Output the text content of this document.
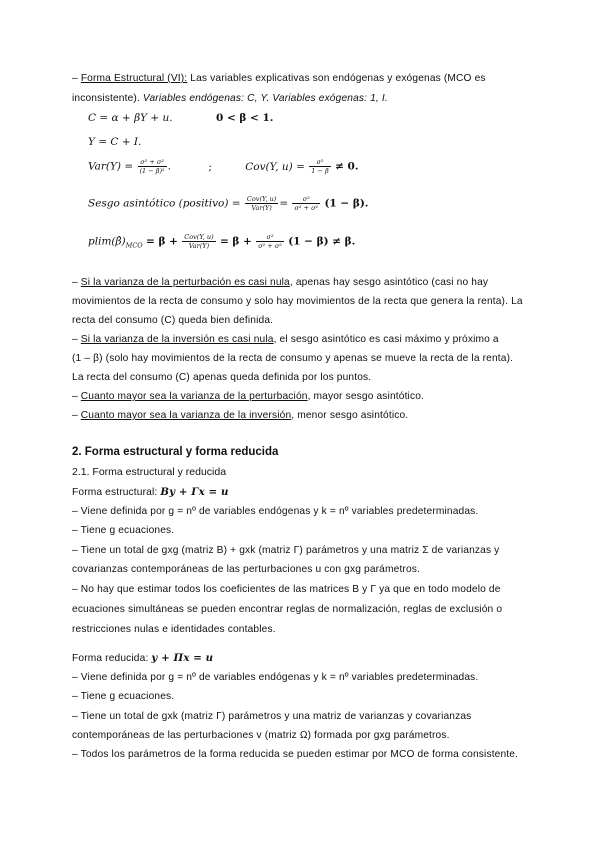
– Forma Estructural (VI): Las variables explicativas son endógenas y exógenas (MCO es
inconsistente). Variables endógenas: C, Y. Variables exógenas: 1, I.
C = α + βY + u.	0 < β < 1.
Y = C + I.
$Var(Y) = \frac{\text{σ² + σ²}}{\text{(1 − β)²}}$ .	;	Cov(Y, $u) = \frac{\text{σ²}}{1 - \beta} \ne 0$.
Sesgo asintótico (positivo) = $\frac{\text{Cov(Y, u)}}{\text{Var(Y)}} = \frac{\text{σ²}}{\text{σ² + σ²}} (1 - \beta)$.
$plim(\betâ)_{MCO} = \beta + \frac{\text{Cov(Y, u)}}{\text{Var(Y)}} = \beta + \frac{\text{σ²}}{\text{σ² + σ²}} (1 - \beta) \ne \beta$.
– Si la varianza de la perturbación es casi nula, apenas hay sesgo asintótico (casi no hay
movimientos de la recta de consumo y solo hay movimientos de la recta que genera la renta). La
recta del consumo (C) queda bien definida.
– Si la varianza de la inversión es casi nula, el sesgo asintótico es casi máximo y próximo a
(1 – β) (solo hay movimientos de la recta de consumo y apenas se mueve la recta de la renta).
La recta del consumo (C) apenas queda definida por los puntos.
– Cuanto mayor sea la varianza de la perturbación, mayor sesgo asintótico.
– Cuanto mayor sea la varianza de la inversión, menor sesgo asintótico.
2. Forma estructural y forma reducida
2.1. Forma estructural y reducida
Forma estructural: By + Γx = u
– Viene definida por g = nº de variables endógenas y k = nº variables predeterminadas.
– Tiene g ecuaciones.
– Tiene un total de gxg (matriz B) + gxk (matriz Γ) parámetros y una matriz Σ de varianzas y
covarianzas contemporáneas de las perturbaciones u con gxg parámetros.
– No hay que estimar todos los coeficientes de las matrices B y Γ ya que en todo modelo de
ecuaciones simultáneas se pueden encontrar reglas de normalización, reglas de exclusión o
restricciones nulas e identidades contables.
Forma reducida: y + Πx = u
– Viene definida por g = nº de variables endógenas y k = nº variables predeterminadas.
– Tiene g ecuaciones.
– Tiene un total de gxk (matriz Γ) parámetros y una matriz de varianzas y covarianzas
contemporáneas de las perturbaciones v (matriz Ω) formada por gxg parámetros.
– Todos los parámetros de la forma reducida se pueden estimar por MCO de forma consistente.
